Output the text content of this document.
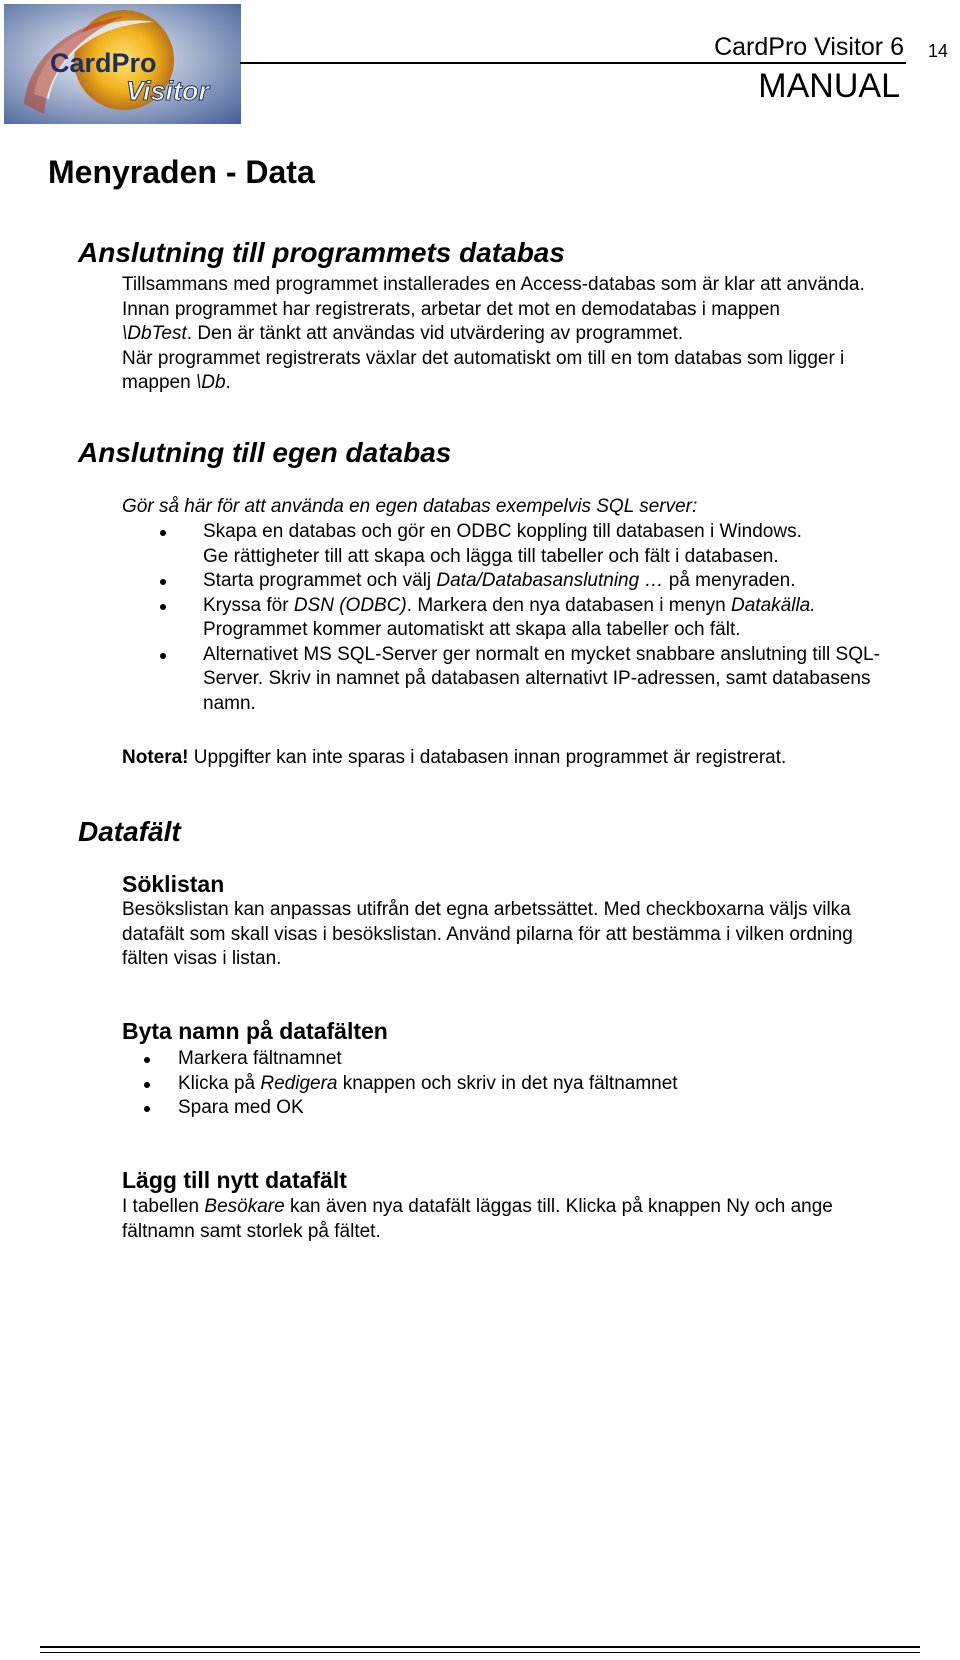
CardPro
Visitor
CardPro Visitor 6
MANUAL
14
Menyraden - Data
Anslutning till programmets databas
Tillsammans med programmet installerades en Access-databas som är klar att använda.
Innan programmet har registrerats, arbetar det mot en demodatabas i mappen
\DbTest. Den är tänkt att användas vid utvärdering av programmet.
När programmet registrerats växlar det automatiskt om till en tom databas som ligger i
mappen \Db.
Anslutning till egen databas
Gör så här för att använda en egen databas exempelvis SQL server:
Skapa en databas och gör en ODBC koppling till databasen i Windows.
Ge rättigheter till att skapa och lägga till tabeller och fält i databasen.
Starta programmet och välj Data/Databasanslutning … på menyraden.
Kryssa för DSN (ODBC). Markera den nya databasen i menyn Datakälla.
Programmet kommer automatiskt att skapa alla tabeller och fält.
Alternativet MS SQL-Server ger normalt en mycket snabbare anslutning till SQL-
Server. Skriv in namnet på databasen alternativt IP-adressen, samt databasens
namn.
Notera! Uppgifter kan inte sparas i databasen innan programmet är registrerat.
Datafält
Söklistan
Besökslistan kan anpassas utifrån det egna arbetssättet. Med checkboxarna väljs vilka
datafält som skall visas i besökslistan. Använd pilarna för att bestämma i vilken ordning
fälten visas i listan.
Byta namn på datafälten
Markera fältnamnet
Klicka på Redigera knappen och skriv in det nya fältnamnet
Spara med OK
Lägg till nytt datafält
I tabellen Besökare kan även nya datafält läggas till. Klicka på knappen Ny och ange
fältnamn samt storlek på fältet.
